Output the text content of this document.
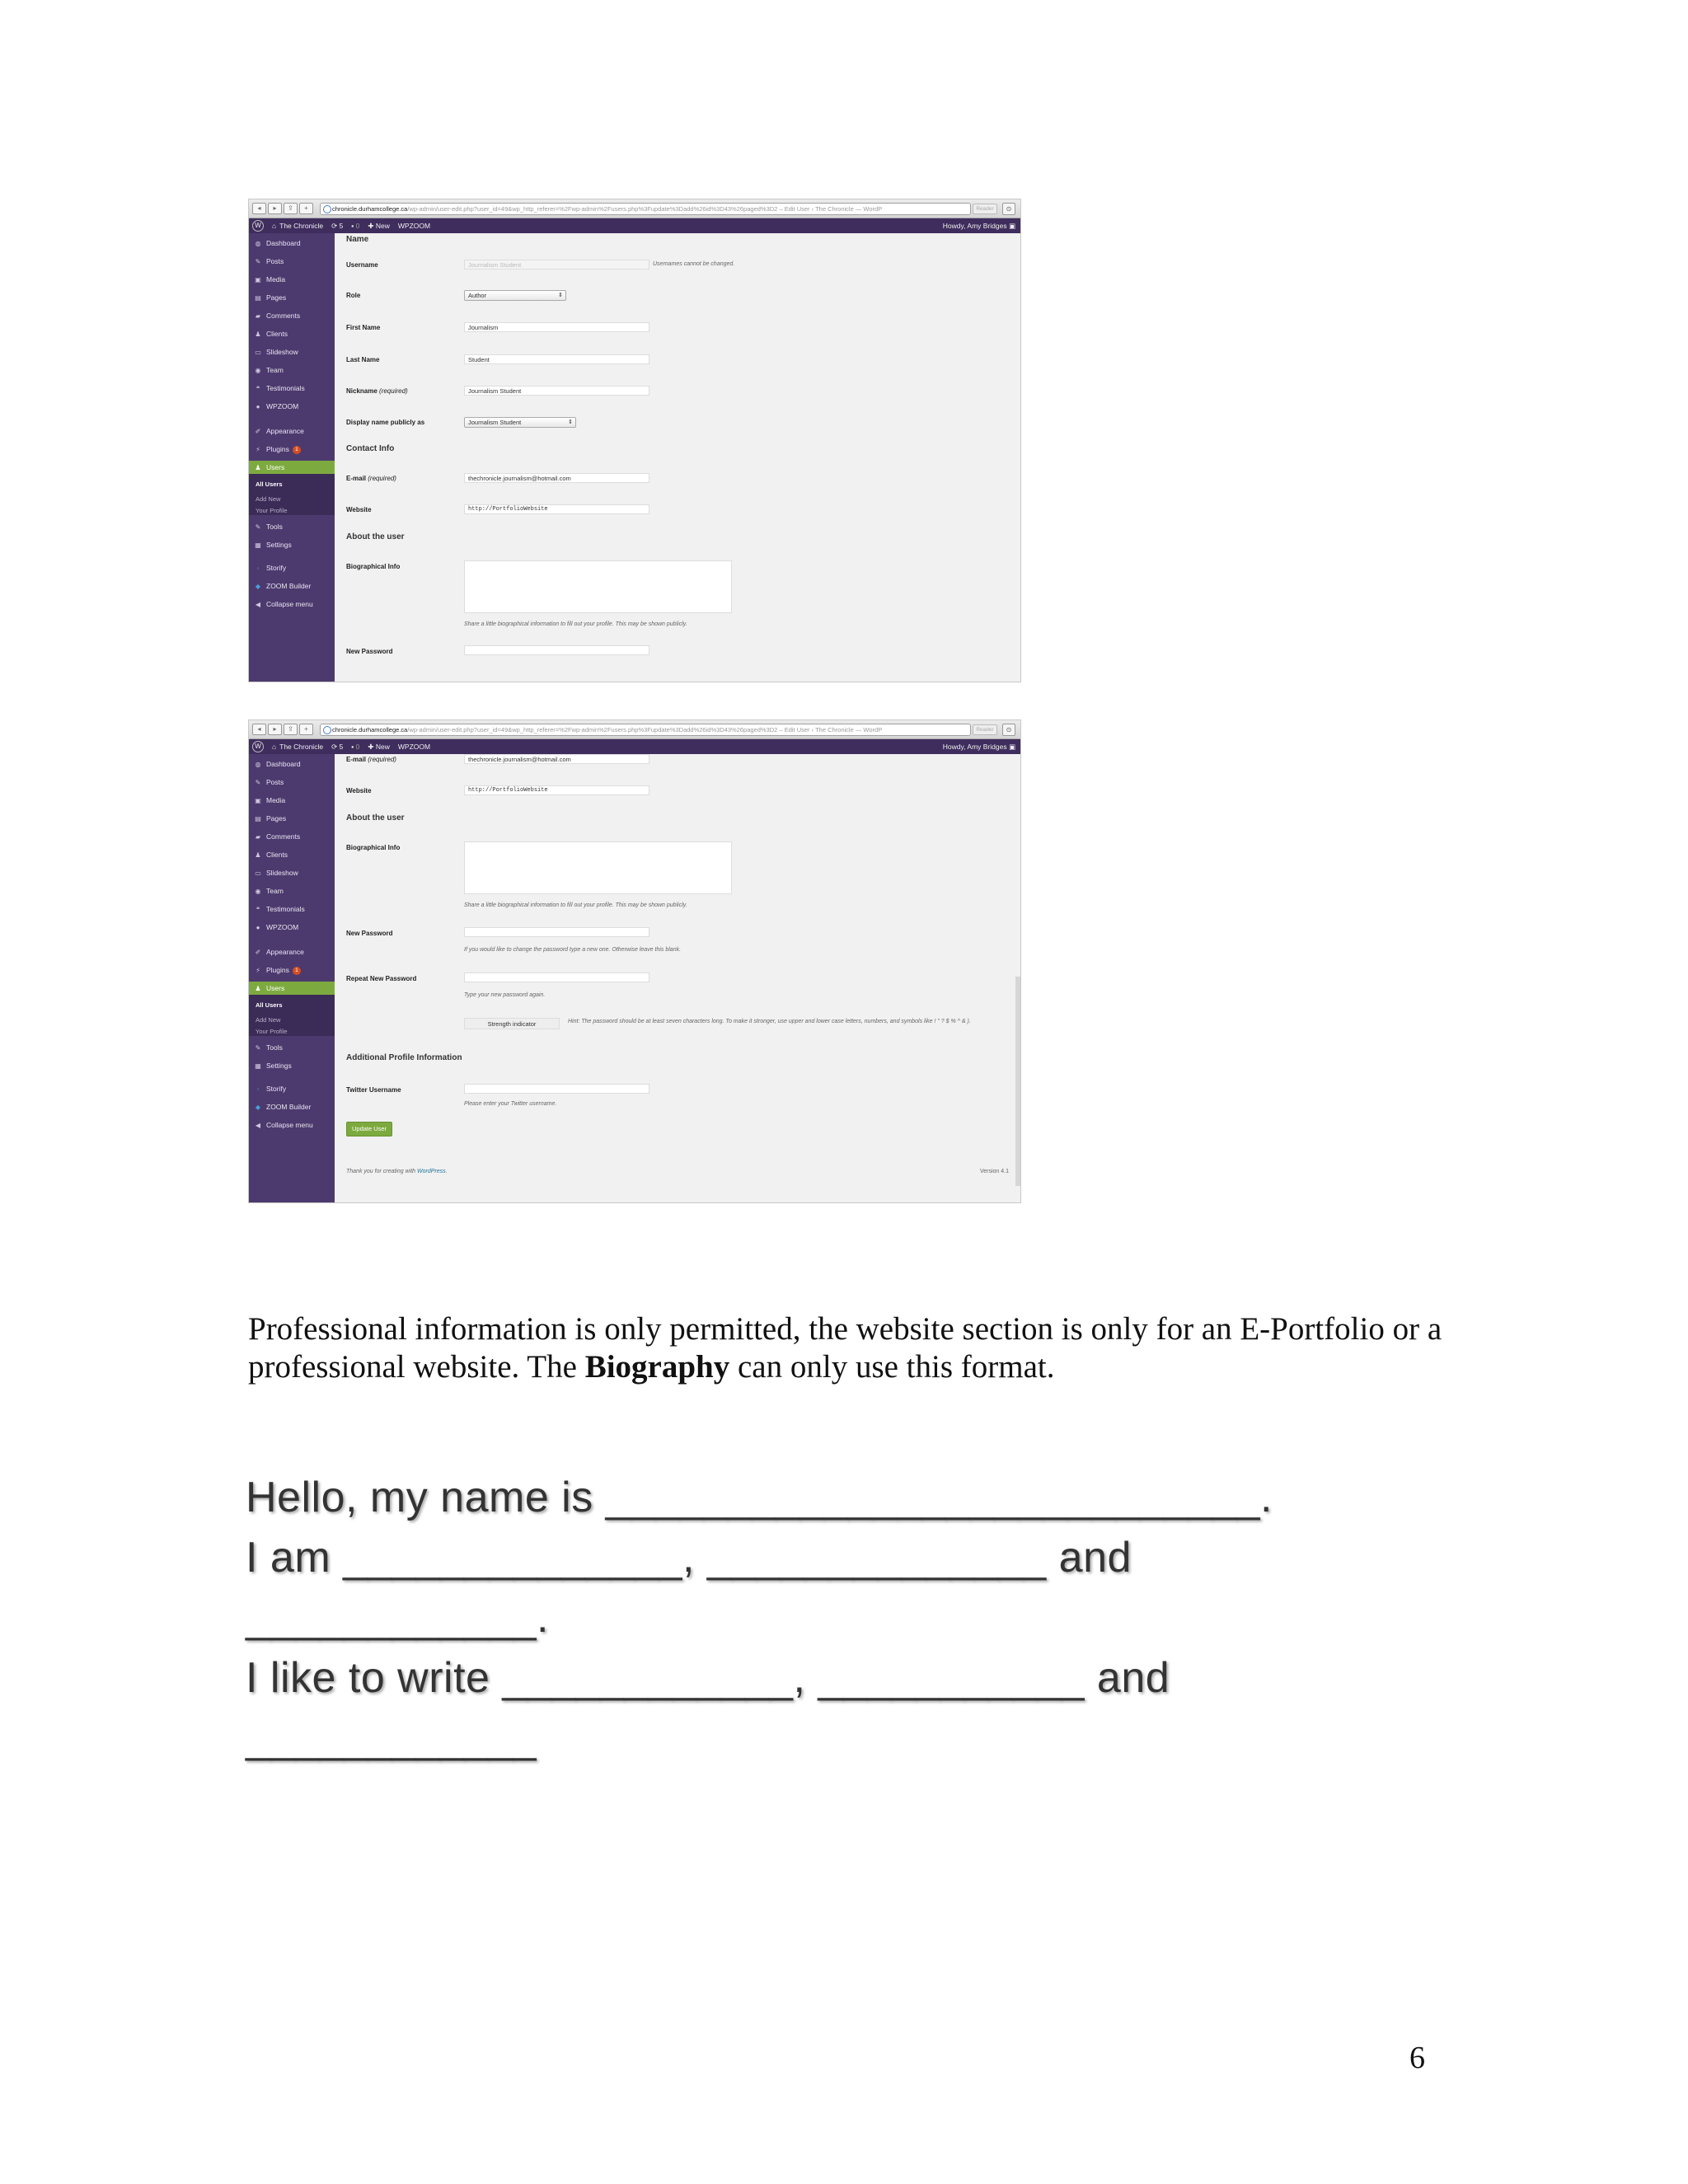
◂	▸	⇪	+	chronicle.durhamcollege.ca/wp-admin/user-edit.php?user_id=49&wp_http_referer=%2Fwp-admin%2Fusers.php%3Fupdate%3Dadd%26id%3D43%26paged%3D2 – Edit User ‹ The Chronicle — WordP	Reader	⊙
W	⌂ The Chronicle ⟳ 5 ▪ 0 ✚ New WPZOOM	Howdy, Amy Bridges ▣
◍ Dashboard
✎ Posts
▣ Media
▤ Pages
▰ Comments
♟ Clients
▭ Slideshow
◉ Team
❝ Testimonials
● WPZOOM
✐ Appearance
⚡ Plugins 1
♟ Users
All Users
Add New
Your Profile
✎ Tools
▦ Settings
◦ Storify
◆ ZOOM Builder
◀ Collapse menu
Name
Username	Journalism Student	Usernames cannot be changed.
Role	Author	⇕
First Name	Journalism
Last Name	Student
Nickname (required)	Journalism Student
Display name publicly as	Journalism Student	⇕
Contact Info
E-mail (required)	thechronicle.journalism@hotmail.com
Website	http://PortfolioWebsite
About the user
Biographical Info
Share a little biographical information to fill out your profile. This may be shown publicly.
New Password
◂	▸	⇪	+	chronicle.durhamcollege.ca/wp-admin/user-edit.php?user_id=49&wp_http_referer=%2Fwp-admin%2Fusers.php%3Fupdate%3Dadd%26id%3D43%26paged%3D2 – Edit User ‹ The Chronicle — WordP	Reader	⊙
W	⌂ The Chronicle ⟳ 5 ▪ 0 ✚ New WPZOOM	Howdy, Amy Bridges ▣
◍ Dashboard
✎ Posts
▣ Media
▤ Pages
▰ Comments
♟ Clients
▭ Slideshow
◉ Team
❝ Testimonials
● WPZOOM
✐ Appearance
⚡ Plugins 1
♟ Users
All Users
Add New
Your Profile
✎ Tools
▦ Settings
◦ Storify
◆ ZOOM Builder
◀ Collapse menu
E-mail (required)	thechronicle.journalism@hotmail.com
Website	http://PortfolioWebsite
About the user
Biographical Info
Share a little biographical information to fill out your profile. This may be shown publicly.
New Password
If you would like to change the password type a new one. Otherwise leave this blank.
Repeat New Password
Type your new password again.
Strength indicator	Hint: The password should be at least seven characters long. To make it stronger, use upper and lower case letters, numbers, and symbols like ! " ? $ % ^ & ).
Additional Profile Information
Twitter Username
Please enter your Twitter username.
Update User
Thank you for creating with WordPress.	Version 4.1

Professional information is only permitted, the website section is only for an E-Portfolio or a professional website. The Biography can only use this format.

Hello, my name is ___________________________.
I am ______________, ______________ and
____________.
I like to write ____________, ___________ and
____________
6
